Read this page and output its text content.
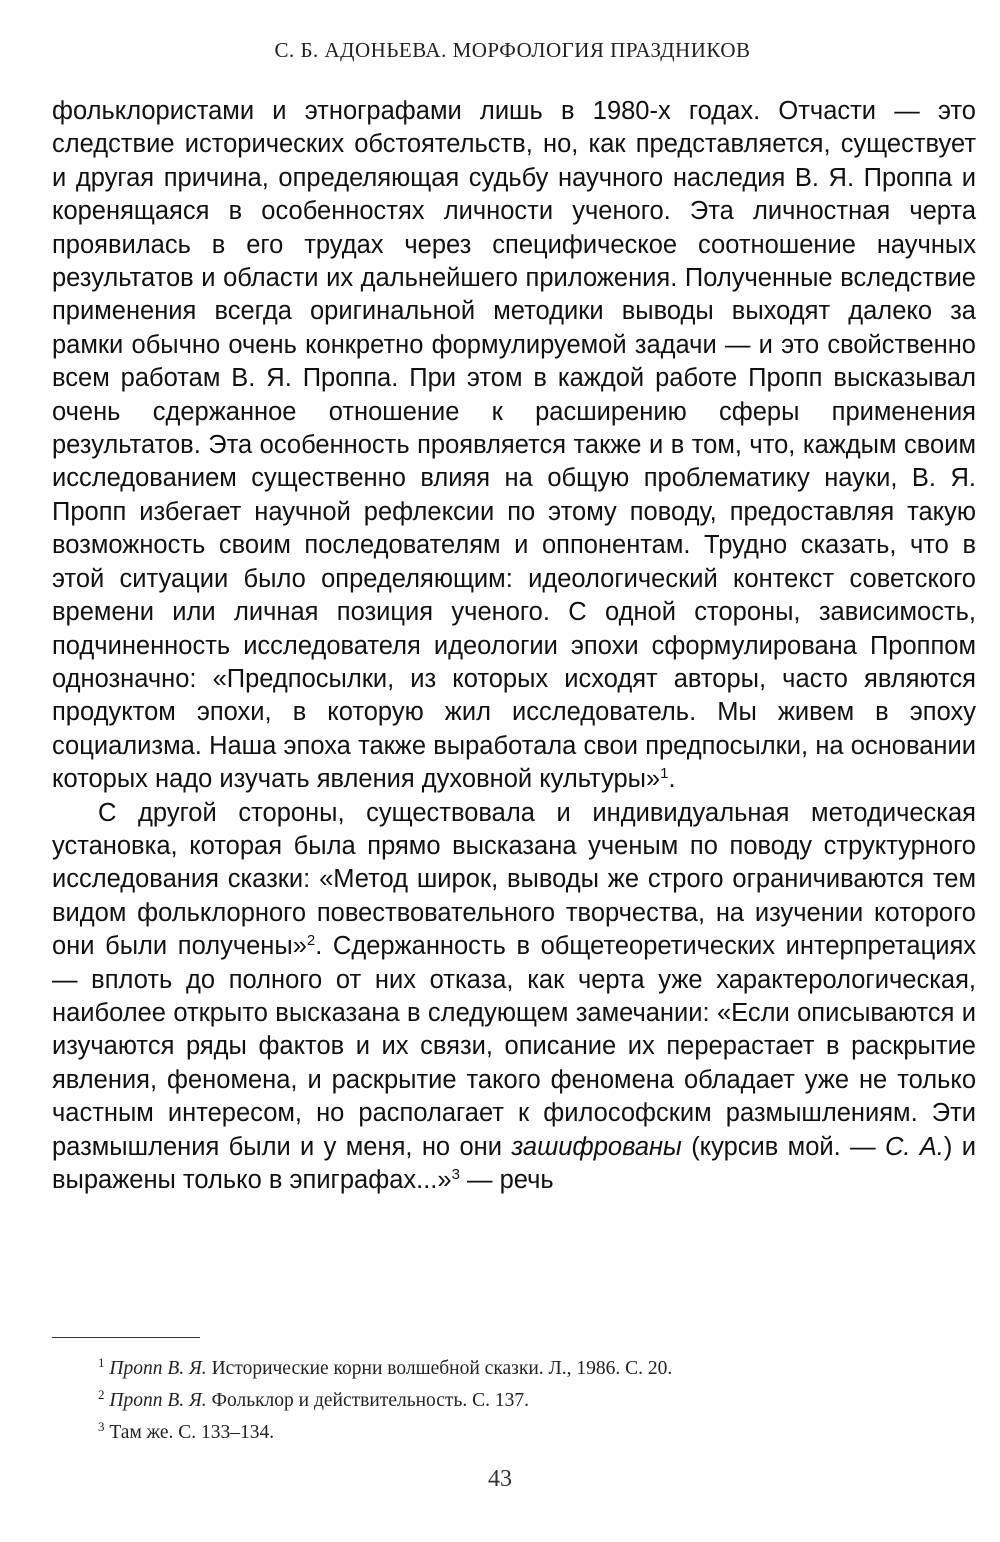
С. Б. АДОНЬЕВА. МОРФОЛОГИЯ ПРАЗДНИКОВ

фольклористами и этнографами лишь в 1980-х годах. Отчасти — это следствие исторических обстоятельств, но, как представляется, существует и другая причина, определяющая судьбу научного наследия В. Я. Проппа и коренящаяся в особенностях личности ученого. Эта личностная черта проявилась в его трудах через специфическое соотношение научных результатов и области их дальнейшего приложения. Полученные вследствие применения всегда оригинальной методики выводы выходят далеко за рамки обычно очень конкретно формулируемой задачи — и это свойственно всем работам В. Я. Проппа. При этом в каждой работе Пропп высказывал очень сдержанное отношение к расширению сферы применения результатов. Эта особенность проявляется также и в том, что, каждым своим исследованием существенно влияя на общую проблематику науки, В. Я. Пропп избегает научной рефлексии по этому поводу, предоставляя такую возможность своим последователям и оппонентам. Трудно сказать, что в этой ситуации было определяющим: идеологический контекст советского времени или личная позиция ученого. С одной стороны, зависимость, подчиненность исследователя идеологии эпохи сформулирована Проппом однозначно: «Предпосылки, из которых исходят авторы, часто являются продуктом эпохи, в которую жил исследователь. Мы живем в эпоху социализма. Наша эпоха также выработала свои предпосылки, на основании которых надо изучать явления духовной культуры»$^1$.

С другой стороны, существовала и индивидуальная методическая установка, которая была прямо высказана ученым по поводу структурного исследования сказки: «Метод широк, выводы же строго ограничиваются тем видом фольклорного повествовательного творчества, на изучении которого они были получены»$^2$. Сдержанность в общетеоретических интерпретациях — вплоть до полного от них отказа, как черта уже характерологическая, наиболее открыто высказана в следующем замечании: «Если описываются и изучаются ряды фактов и их связи, описание их перерастает в раскрытие явления, феномена, и раскрытие такого феномена обладает уже не только частным интересом, но располагает к философским размышлениям. Эти размышления были и у меня, но они зашифрованы (курсив мой. — С. А.) и выражены только в эпиграфах...»$^3$ — речь

$^1$ Пропп В. Я. Исторические корни волшебной сказки. Л., 1986. С. 20.
$^2$ Пропп В. Я. Фольклор и действительность. С. 137.
$^3$ Там же. С. 133–134.
43
